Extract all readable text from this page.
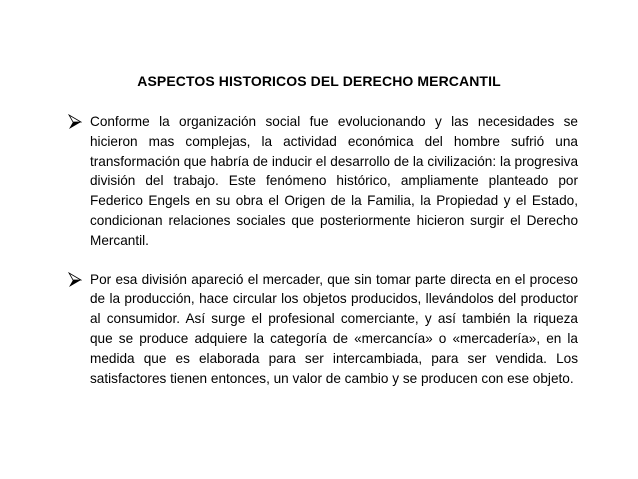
ASPECTOS HISTORICOS DEL DERECHO MERCANTIL
Conforme la organización social fue evolucionando y las necesidades se hicieron mas complejas, la actividad económica del hombre sufrió una transformación que habría de inducir el desarrollo de la civilización: la progresiva división del trabajo. Este fenómeno histórico, ampliamente planteado por Federico Engels en su obra el Origen de la Familia, la Propiedad y el Estado, condicionan relaciones sociales que posteriormente hicieron surgir el Derecho Mercantil.
Por esa división apareció el mercader, que sin tomar parte directa en el proceso de la producción, hace circular los objetos producidos, llevándolos del productor al consumidor. Así surge el profesional comerciante, y así también la riqueza que se produce adquiere la categoría de «mercancía» o «mercadería», en la medida que es elaborada para ser intercambiada, para ser vendida. Los satisfactores tienen entonces, un valor de cambio y se producen con ese objeto.
